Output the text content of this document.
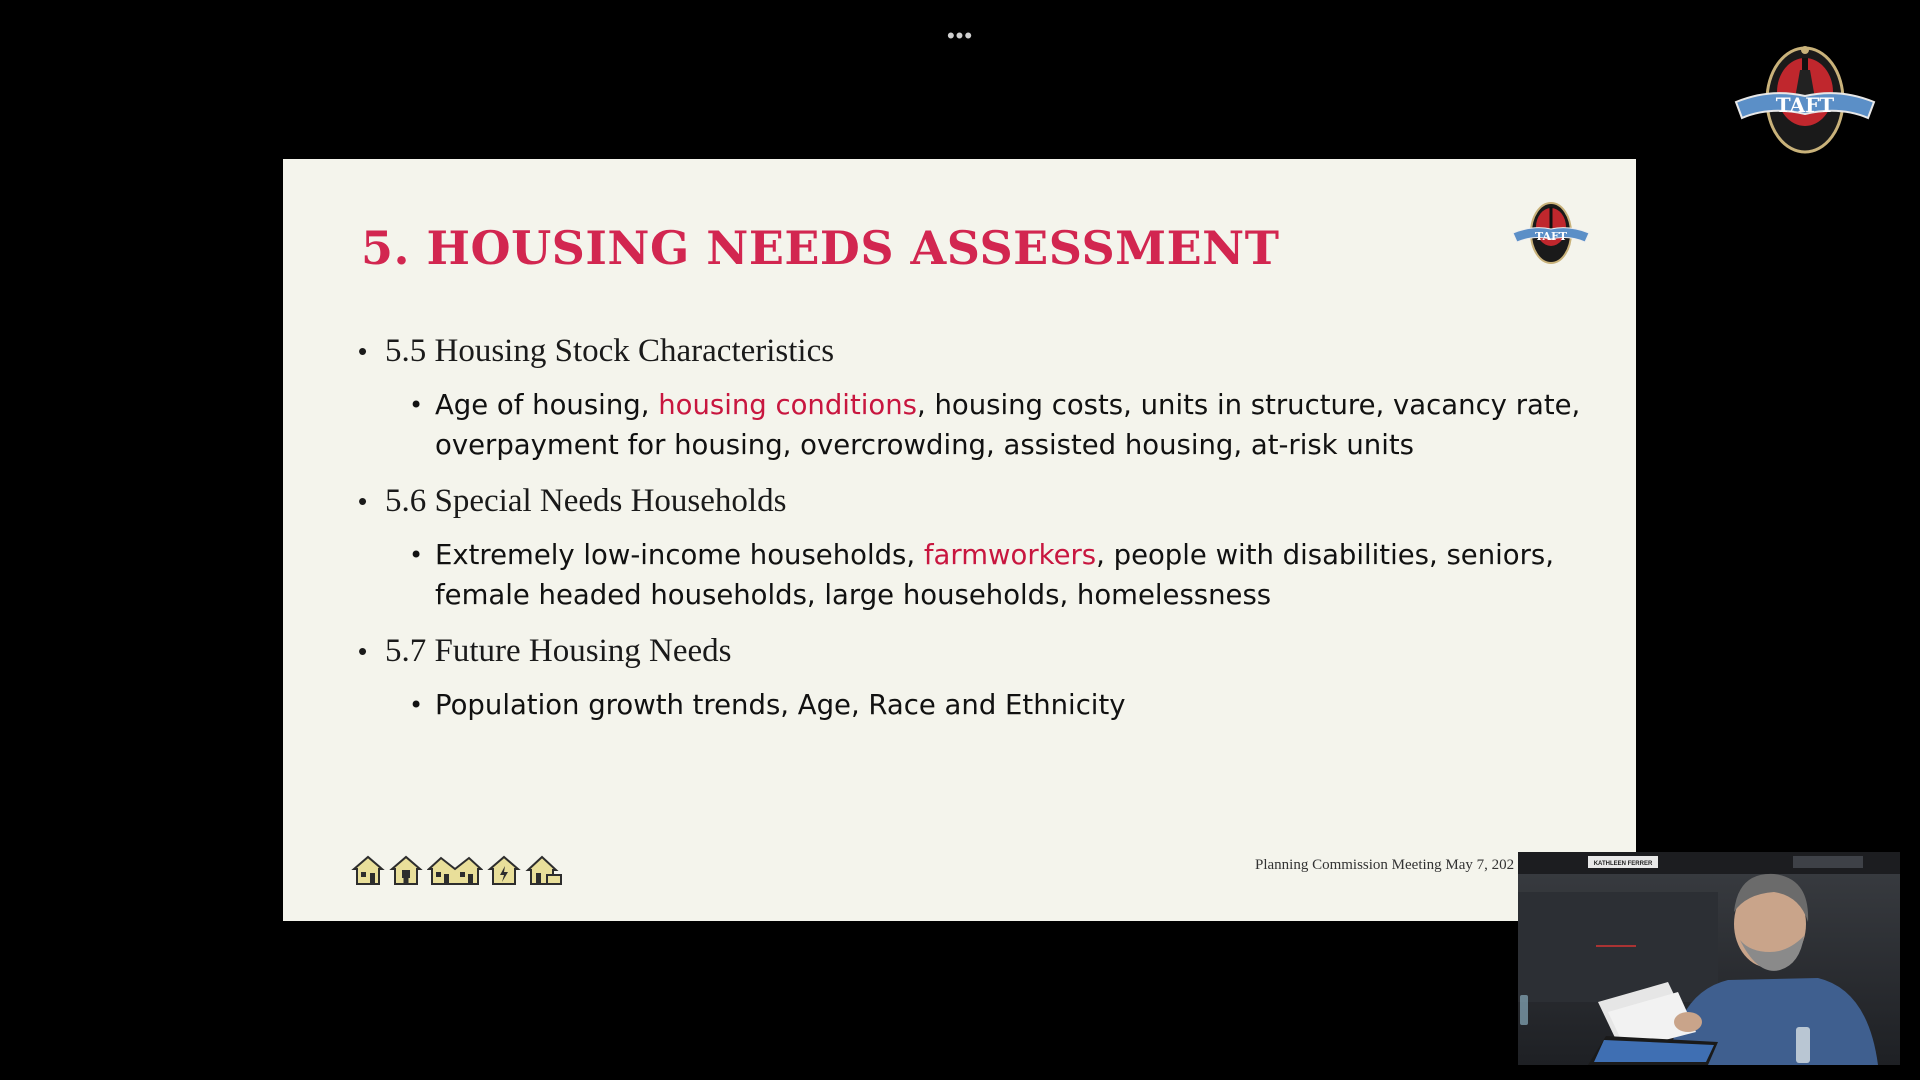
•••
TAFT
5. HOUSING NEEDS ASSESSMENT	TAFT
• 5.5 Housing Stock Characteristics
• Age of housing, housing conditions, housing costs, units in structure, vacancy rate, overpayment for housing, overcrowding, assisted housing, at-risk units
• 5.6 Special Needs Households
• Extremely low-income households, farmworkers, people with disabilities, seniors, female headed households, large households, homelessness
• 5.7 Future Housing Needs
• Population growth trends, Age, Race and Ethnicity
Planning Commission Meeting May 7, 202	KATHLEEN FERRER
